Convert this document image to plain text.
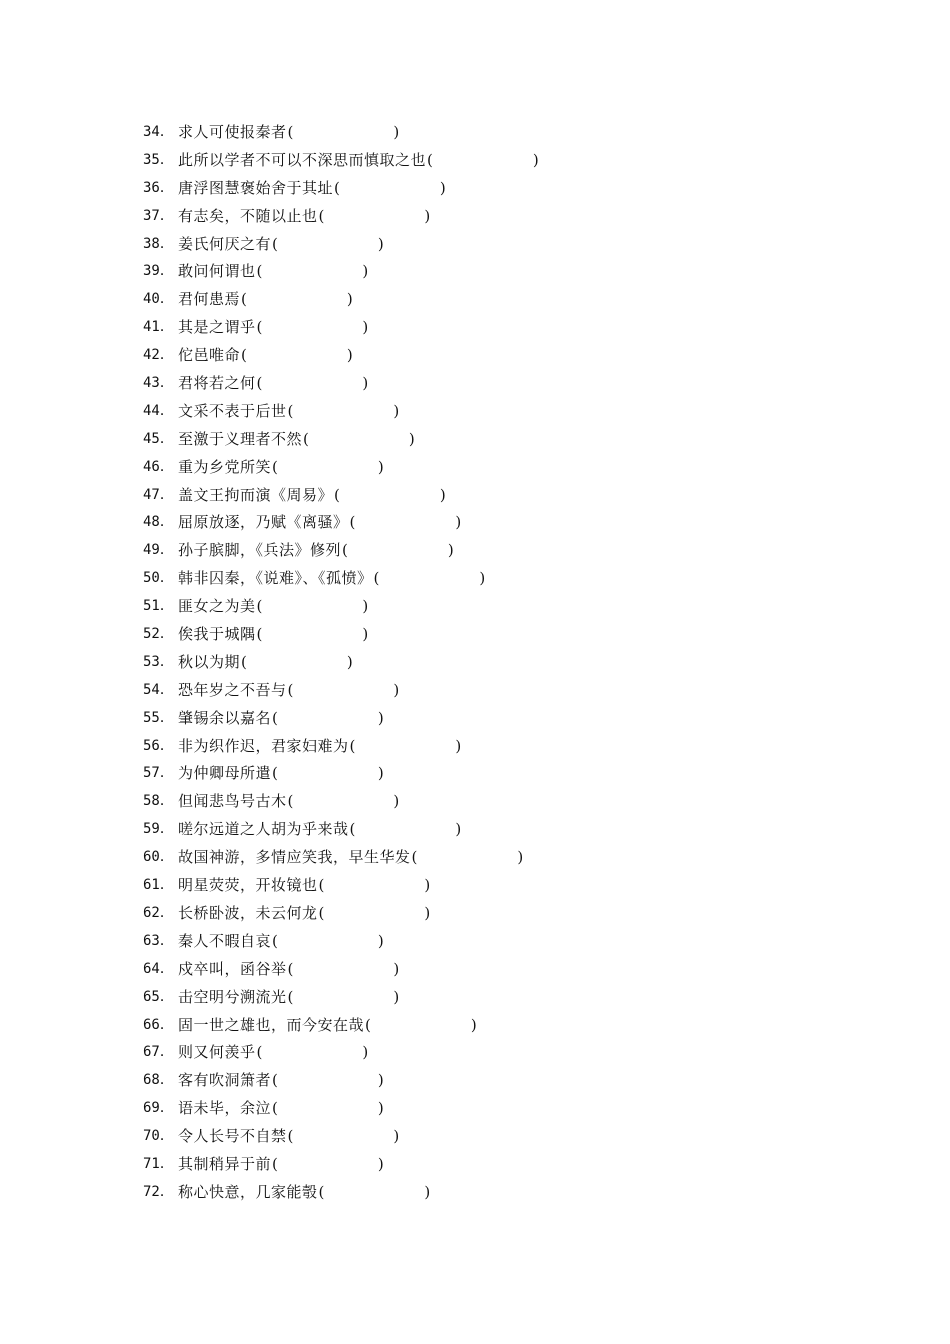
34． 求人可使报秦者 (	)
35． 此所以学者不可以不深思而慎取之也 (	)
36． 唐浮图慧褒始舍于其址 (	)
37． 有志矣，不随以止也 (	)
38． 姜氏何厌之有 (	)
39． 敢问何谓也 (	)
40． 君何患焉 (	)
41． 其是之谓乎 (	)
42． 佗邑唯命 (	)
43． 君将若之何 (	)
44． 文采不表于后世 (	)
45． 至激于义理者不然 (	)
46． 重为乡党所笑 (	)
47． 盖文王拘而演《周易》 (	)
48． 屈原放逐，乃赋《离骚》 (	)
49． 孙子膑脚，《兵法》修列 (	)
50． 韩非囚秦，《说难》、《孤愤》 (	)
51． 匪女之为美 (	)
52． 俟我于城隅 (	)
53． 秋以为期 (	)
54． 恐年岁之不吾与 (	)
55． 肇锡余以嘉名 (	)
56． 非为织作迟，君家妇难为 (	)
57． 为仲卿母所遣 (	)
58． 但闻悲鸟号古木 (	)
59． 嗟尔远道之人胡为乎来哉 (	)
60． 故国神游，多情应笑我，早生华发 (	)
61． 明星荧荧，开妆镜也 (	)
62． 长桥卧波，未云何龙 (	)
63． 秦人不暇自哀 (	)
64． 戍卒叫，函谷举 (	)
65． 击空明兮溯流光 (	)
66． 固一世之雄也，而今安在哉 (	)
67． 则又何羡乎 (	)
68． 客有吹洞箫者 (	)
69． 语未毕，余泣 (	)
70． 令人长号不自禁 (	)
71． 其制稍异于前 (	)
72． 称心快意，几家能彀 (	)
